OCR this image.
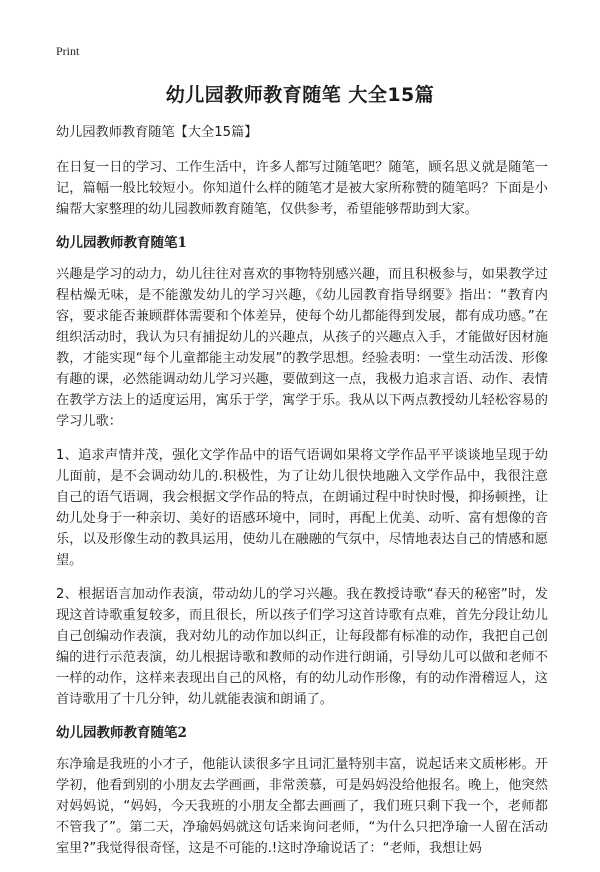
Print
幼儿园教师教育随笔 大全15篇

幼儿园教师教育随笔【大全15篇】

在日复一日的学习、工作生活中，许多人都写过随笔吧？随笔，顾名思义就是随笔一记，篇幅一般比较短小。你知道什么样的随笔才是被大家所称赞的随笔吗？下面是小编帮大家整理的幼儿园教师教育随笔，仅供参考，希望能够帮助到大家。

幼儿园教师教育随笔1

兴趣是学习的动力，幼儿往往对喜欢的事物特别感兴趣，而且积极参与，如果教学过程枯燥无味，是不能激发幼儿的学习兴趣，《幼儿园教育指导纲要》指出：“教育内容，要求能否兼顾群体需要和个体差异，使每个幼儿都能得到发展，都有成功感。”在组织活动时，我认为只有捕捉幼儿的兴趣点，从孩子的兴趣点入手，才能做好因材施教，才能实现“每个儿童都能主动发展”的教学思想。经验表明：一堂生动活泼、形像有趣的课，必然能调动幼儿学习兴趣，要做到这一点，我极力追求言语、动作、表情在教学方法上的适度运用，寓乐于学，寓学于乐。我从以下两点教授幼儿轻松容易的学习儿歌：

1、追求声情并茂，强化文学作品中的语气语调如果将文学作品平平谈谈地呈现于幼儿面前，是不会调动幼儿的.积极性，为了让幼儿很快地融入文学作品中，我很注意自己的语气语调，我会根据文学作品的特点，在朗诵过程中时快时慢，抑扬顿挫，让幼儿处身于一种亲切、美好的语感环境中，同时，再配上优美、动听、富有想像的音乐，以及形像生动的教具运用，使幼儿在融融的气氛中，尽情地表达自己的情感和愿望。

2、根据语言加动作表演，带动幼儿的学习兴趣。我在教授诗歌“春天的秘密”时，发现这首诗歌重复较多，而且很长，所以孩子们学习这首诗歌有点难，首先分段让幼儿自己创编动作表演，我对幼儿的动作加以纠正，让每段都有标准的动作，我把自己创编的进行示范表演，幼儿根据诗歌和教师的动作进行朗诵，引导幼儿可以做和老师不一样的动作，这样来表现出自己的风格，有的幼儿动作形像，有的动作滑稽逗人，这首诗歌用了十几分钟，幼儿就能表演和朗诵了。

幼儿园教师教育随笔2

东净瑜是我班的小才子，他能认读很多字且词汇量特别丰富，说起话来文质彬彬。开学初，他看到别的小朋友去学画画，非常羡慕，可是妈妈没给他报名。晚上，他突然对妈妈说，“妈妈，今天我班的小朋友全都去画画了，我们班只剩下我一个，老师都不管我了”。第二天，净瑜妈妈就这句话来询问老师，“为什么只把净瑜一人留在活动室里?”我觉得很奇怪，这是不可能的.!这时净瑜说话了：“老师，我想让妈
